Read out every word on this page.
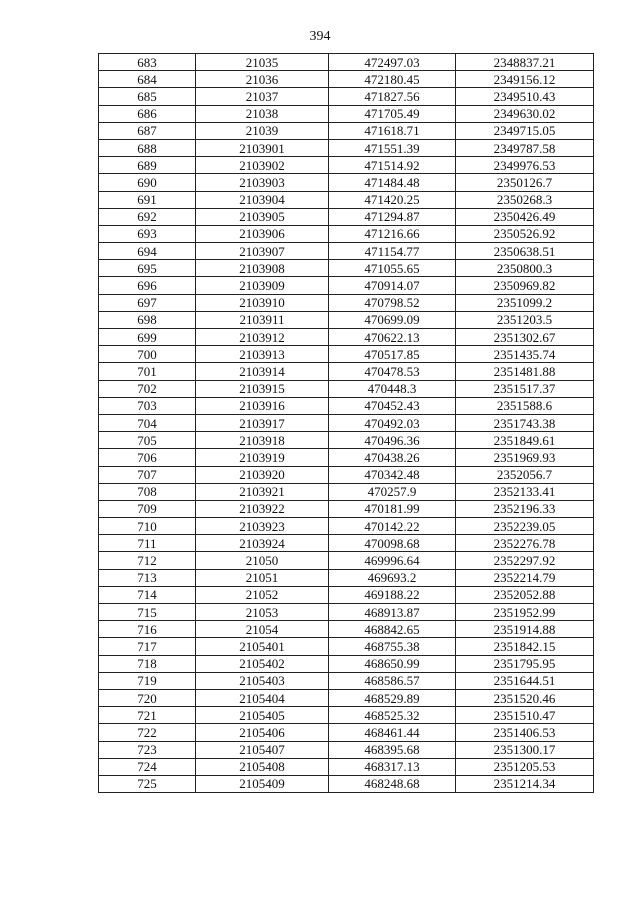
394
683	21035	472497.03	2348837.21
684	21036	472180.45	2349156.12
685	21037	471827.56	2349510.43
686	21038	471705.49	2349630.02
687	21039	471618.71	2349715.05
688	2103901	471551.39	2349787.58
689	2103902	471514.92	2349976.53
690	2103903	471484.48	2350126.7
691	2103904	471420.25	2350268.3
692	2103905	471294.87	2350426.49
693	2103906	471216.66	2350526.92
694	2103907	471154.77	2350638.51
695	2103908	471055.65	2350800.3
696	2103909	470914.07	2350969.82
697	2103910	470798.52	2351099.2
698	2103911	470699.09	2351203.5
699	2103912	470622.13	2351302.67
700	2103913	470517.85	2351435.74
701	2103914	470478.53	2351481.88
702	2103915	470448.3	2351517.37
703	2103916	470452.43	2351588.6
704	2103917	470492.03	2351743.38
705	2103918	470496.36	2351849.61
706	2103919	470438.26	2351969.93
707	2103920	470342.48	2352056.7
708	2103921	470257.9	2352133.41
709	2103922	470181.99	2352196.33
710	2103923	470142.22	2352239.05
711	2103924	470098.68	2352276.78
712	21050	469996.64	2352297.92
713	21051	469693.2	2352214.79
714	21052	469188.22	2352052.88
715	21053	468913.87	2351952.99
716	21054	468842.65	2351914.88
717	2105401	468755.38	2351842.15
718	2105402	468650.99	2351795.95
719	2105403	468586.57	2351644.51
720	2105404	468529.89	2351520.46
721	2105405	468525.32	2351510.47
722	2105406	468461.44	2351406.53
723	2105407	468395.68	2351300.17
724	2105408	468317.13	2351205.53
725	2105409	468248.68	2351214.34
